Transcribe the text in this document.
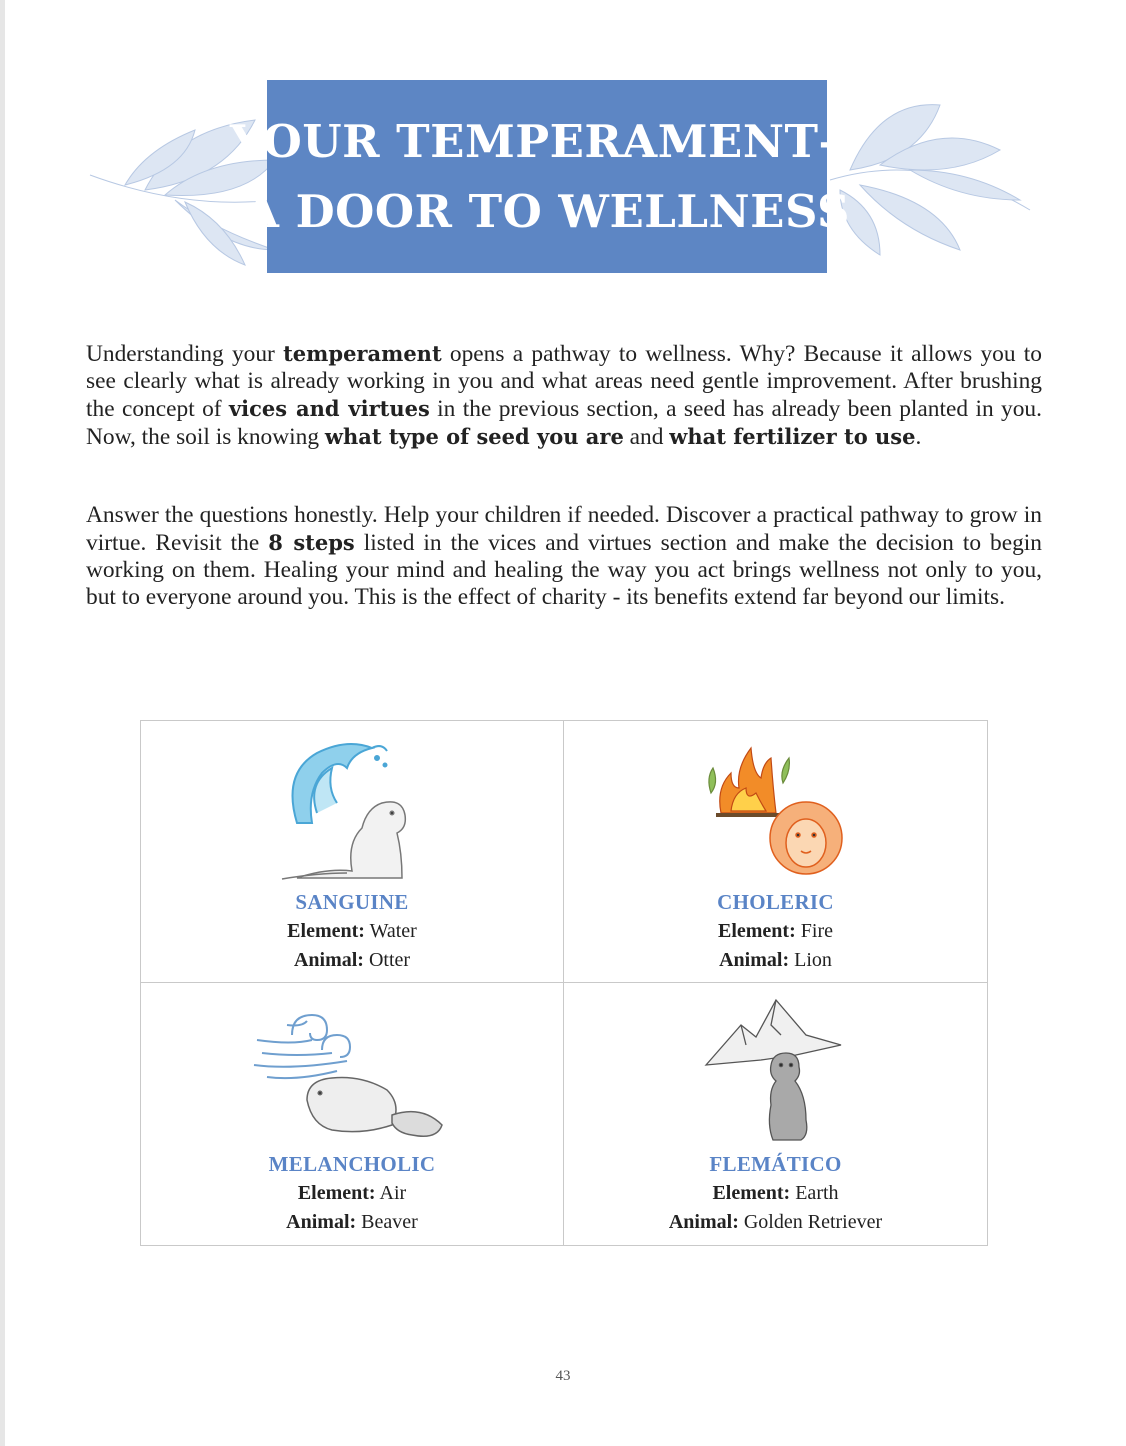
YOUR TEMPERAMENT—
A DOOR TO WELLNESS

Understanding your temperament opens a pathway to wellness. Why? Because it allows you to see clearly what is already working in you and what areas need gentle improvement. After brushing the concept of vices and virtues in the previous section, a seed has already been planted in you. Now, the soil is knowing what type of seed you are and what fertilizer to use.

Answer the questions honestly. Help your children if needed. Discover a practical pathway to grow in virtue. Revisit the 8 steps listed in the vices and virtues section and make the decision to begin working on them. Healing your mind and healing the way you act brings wellness not only to you, but to everyone around you. This is the effect of charity - its benefits extend far beyond our limits.

SANGUINE
Element: Water
Animal: Otter
CHOLERIC
Element: Fire
Animal: Lion
MELANCHOLIC
Element: Air
Animal: Beaver
FLEMÁTICO
Element: Earth
Animal: Golden Retriever
43
